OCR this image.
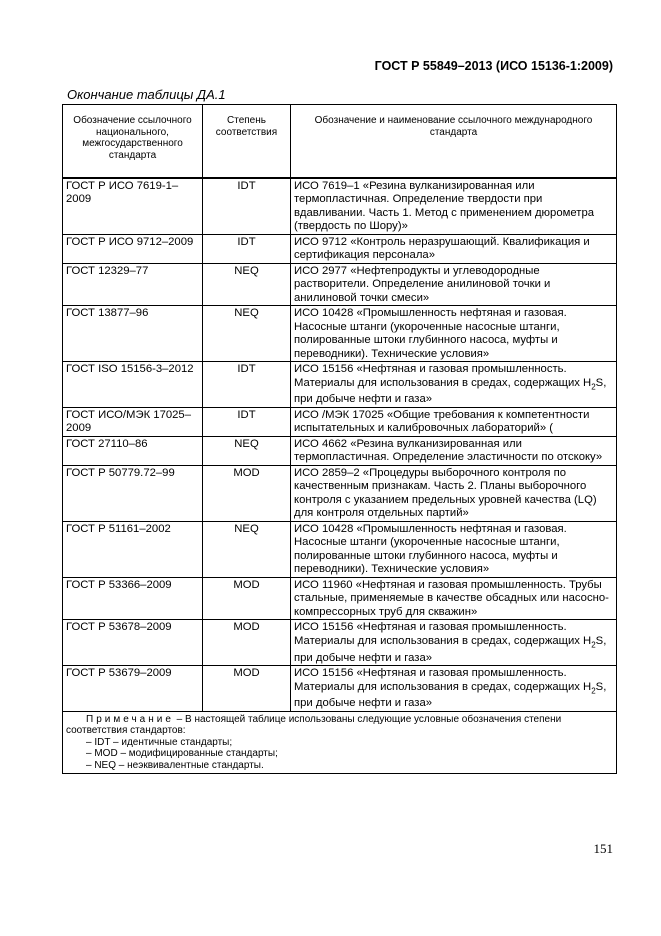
ГОСТ Р 55849–2013 (ИСО 15136-1:2009)
Окончание таблицы ДА.1
Обозначение ссылочного национального, межгосударственного стандарта	Степень соответствия	Обозначение и наименование ссылочного международного стандарта
ГОСТ Р ИСО 7619-1–2009	IDT	ИСО 7619–1 «Резина вулканизированная или термопластичная. Определение твердости при вдавливании. Часть 1. Метод с применением дюрометра (твердость по Шору)»
ГОСТ Р ИСО 9712–2009	IDT	ИСО 9712 «Контроль неразрушающий. Квалификация и сертификация персонала»
ГОСТ 12329–77	NEQ	ИСО 2977 «Нефтепродукты и углеводородные растворители. Определение анилиновой точки и анилиновой точки смеси»
ГОСТ 13877–96	NEQ	ИСО 10428 «Промышленность нефтяная и газовая. Насосные штанги (укороченные насосные штанги, полированные штоки глубинного насоса, муфты и переводники). Технические условия»
ГОСТ ISO 15156-3–2012	IDT	ИСО 15156 «Нефтяная и газовая промышленность. Материалы для использования в средах, содержащих $H_2S$, при добыче нефти и газа»
ГОСТ ИСО/МЭК 17025–2009	IDT	ИСО /МЭК 17025 «Общие требования к компетентности испытательных и калибровочных лабораторий» (
ГОСТ 27110–86	NEQ	ИСО 4662 «Резина вулканизированная или термопластичная. Определение эластичности по отскоку»
ГОСТ Р 50779.72–99	MOD	ИСО 2859–2 «Процедуры выборочного контроля по качественным признакам. Часть 2. Планы выборочного контроля с указанием предельных уровней качества (LQ) для контроля отдельных партий»
ГОСТ Р 51161–2002	NEQ	ИСО 10428 «Промышленность нефтяная и газовая. Насосные штанги (укороченные насосные штанги, полированные штоки глубинного насоса, муфты и переводники). Технические условия»
ГОСТ Р 53366–2009	MOD	ИСО 11960 «Нефтяная и газовая промышленность. Трубы стальные, применяемые в качестве обсадных или насосно-компрессорных труб для скважин»
ГОСТ Р 53678–2009	MOD	ИСО 15156 «Нефтяная и газовая промышленность. Материалы для использования в средах, содержащих $H_2S$, при добыче нефти и газа»
ГОСТ Р 53679–2009	MOD	ИСО 15156 «Нефтяная и газовая промышленность. Материалы для использования в средах, содержащих $H_2S$, при добыче нефти и газа»

Примечание – В настоящей таблице использованы следующие условные обозначения степени соответствия стандартов:
– IDT – идентичные стандарты;
– MOD – модифицированные стандарты;
– NEQ – неэквивалентные стандарты.		
151
